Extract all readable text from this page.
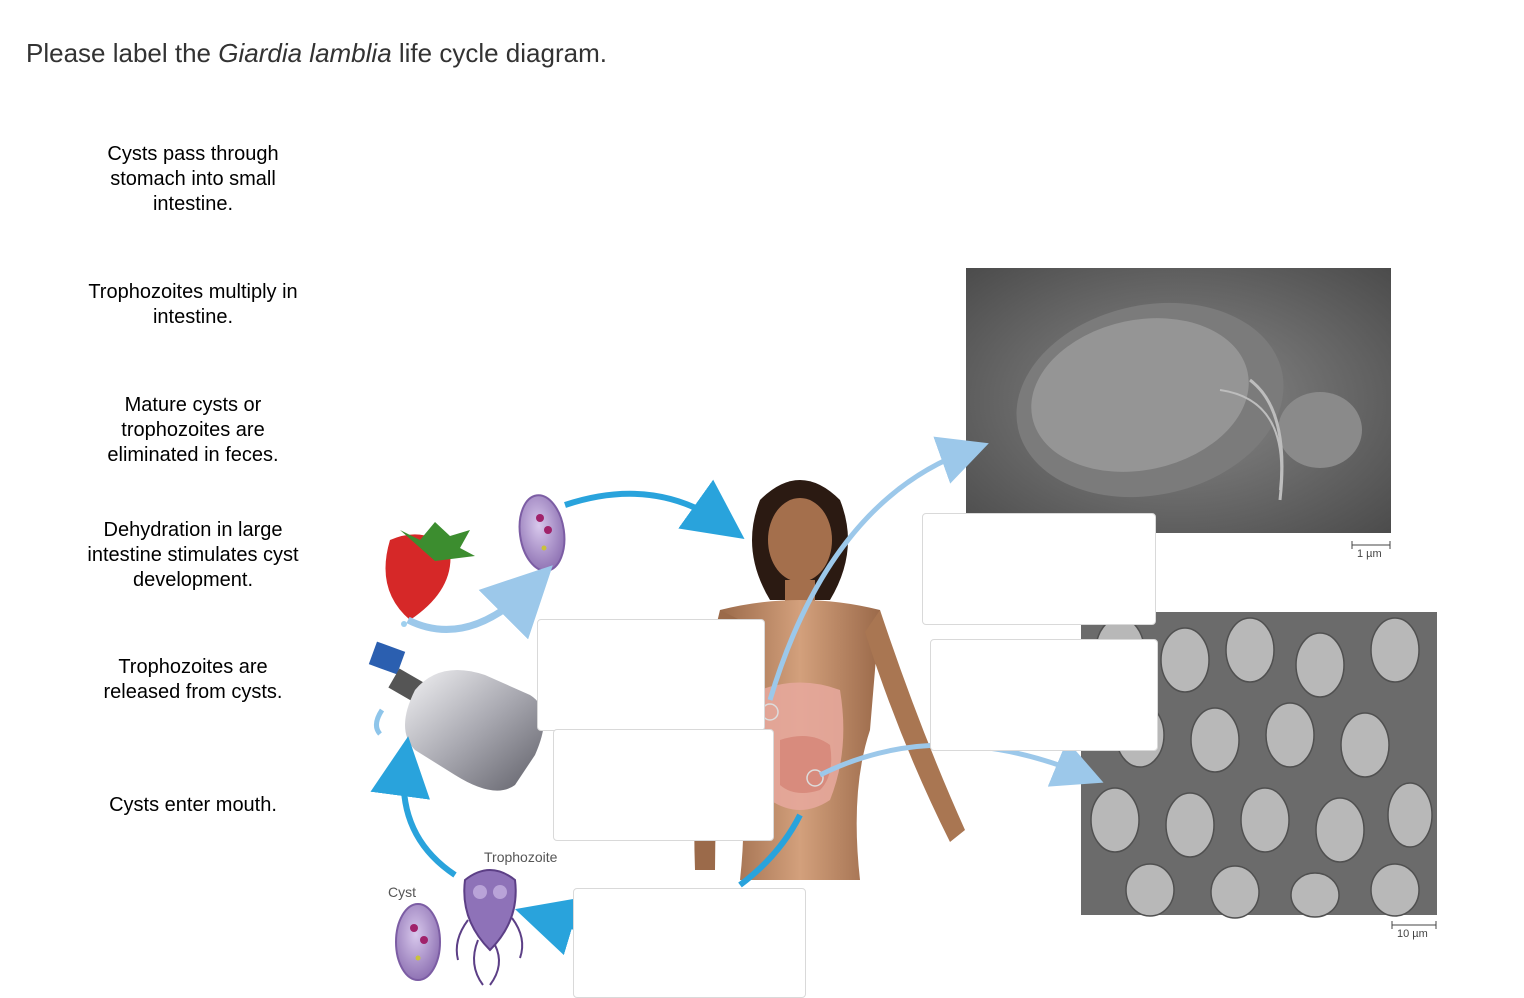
Please label the Giardia lamblia life cycle diagram.
Cysts pass through stomach into small intestine.
Trophozoites multiply in intestine.
Mature cysts or trophozoites are eliminated in feces.
Dehydration in large intestine stimulates cyst development.
Trophozoites are released from cysts.
Cysts enter mouth.
Trophozoite
Cyst
1 µm
10 µm
